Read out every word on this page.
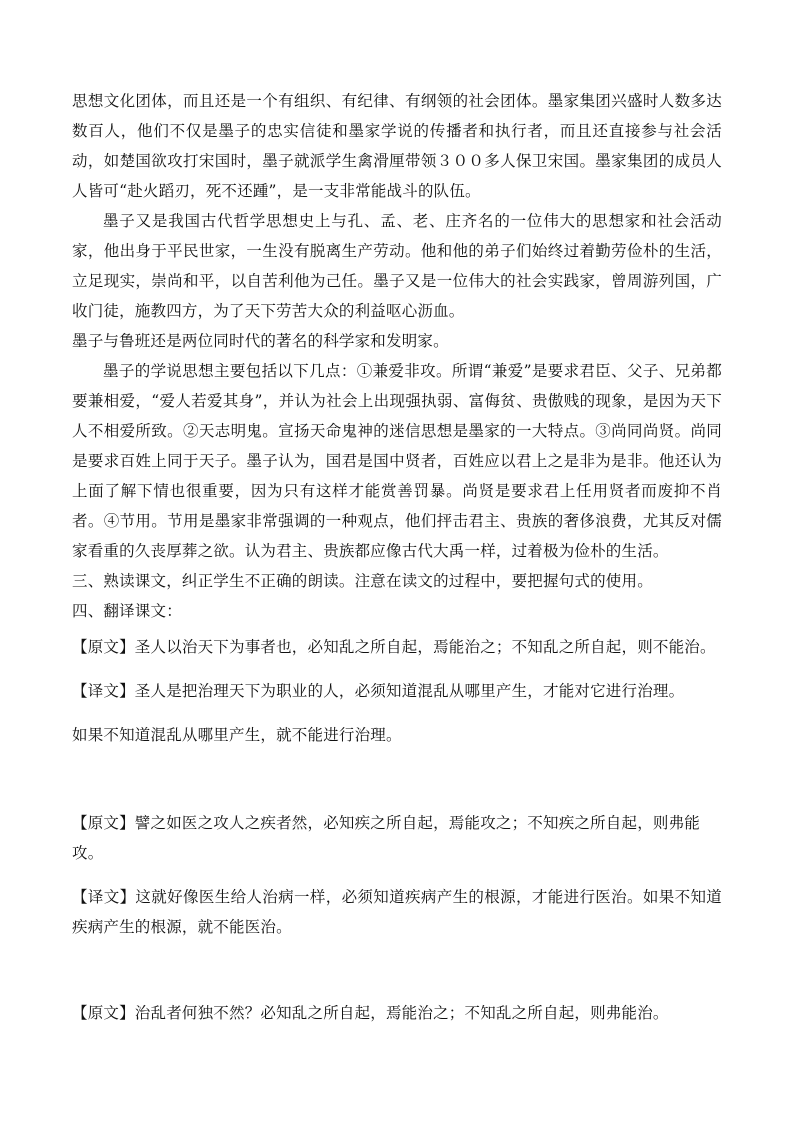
思想文化团体，而且还是一个有组织、有纪律、有纲领的社会团体。墨家集团兴盛时人数多达数百人，他们不仅是墨子的忠实信徒和墨家学说的传播者和执行者，而且还直接参与社会活动，如楚国欲攻打宋国时，墨子就派学生禽滑厘带领３００多人保卫宋国。墨家集团的成员人人皆可“赴火蹈刃，死不还踵”，是一支非常能战斗的队伍。

墨子又是我国古代哲学思想史上与孔、孟、老、庄齐名的一位伟大的思想家和社会活动家，他出身于平民世家，一生没有脱离生产劳动。他和他的弟子们始终过着勤劳俭朴的生活，立足现实，崇尚和平，以自苦利他为己任。墨子又是一位伟大的社会实践家，曾周游列国，广收门徒，施教四方，为了天下劳苦大众的利益呕心沥血。

墨子与鲁班还是两位同时代的著名的科学家和发明家。

墨子的学说思想主要包括以下几点：①兼爱非攻。所谓“兼爱”是要求君臣、父子、兄弟都要兼相爱，“爱人若爱其身”，并认为社会上出现强执弱、富侮贫、贵傲贱的现象，是因为天下人不相爱所致。②天志明鬼。宣扬天命鬼神的迷信思想是墨家的一大特点。③尚同尚贤。尚同是要求百姓上同于天子。墨子认为，国君是国中贤者，百姓应以君上之是非为是非。他还认为上面了解下情也很重要，因为只有这样才能赏善罚暴。尚贤是要求君上任用贤者而废抑不肖者。④节用。节用是墨家非常强调的一种观点，他们抨击君主、贵族的奢侈浪费，尤其反对儒家看重的久丧厚葬之欲。认为君主、贵族都应像古代大禹一样，过着极为俭朴的生活。

三、熟读课文，纠正学生不正确的朗读。注意在读文的过程中，要把握句式的使用。

四、翻译课文：

【原文】圣人以治天下为事者也，必知乱之所自起，焉能治之；不知乱之所自起，则不能治。

【译文】圣人是把治理天下为职业的人，必须知道混乱从哪里产生，才能对它进行治理。

如果不知道混乱从哪里产生，就不能进行治理。

【原文】譬之如医之攻人之疾者然，必知疾之所自起，焉能攻之；不知疾之所自起，则弗能攻。

【译文】这就好像医生给人治病一样，必须知道疾病产生的根源，才能进行医治。如果不知道疾病产生的根源，就不能医治。

【原文】治乱者何独不然？必知乱之所自起，焉能治之；不知乱之所自起，则弗能治。
